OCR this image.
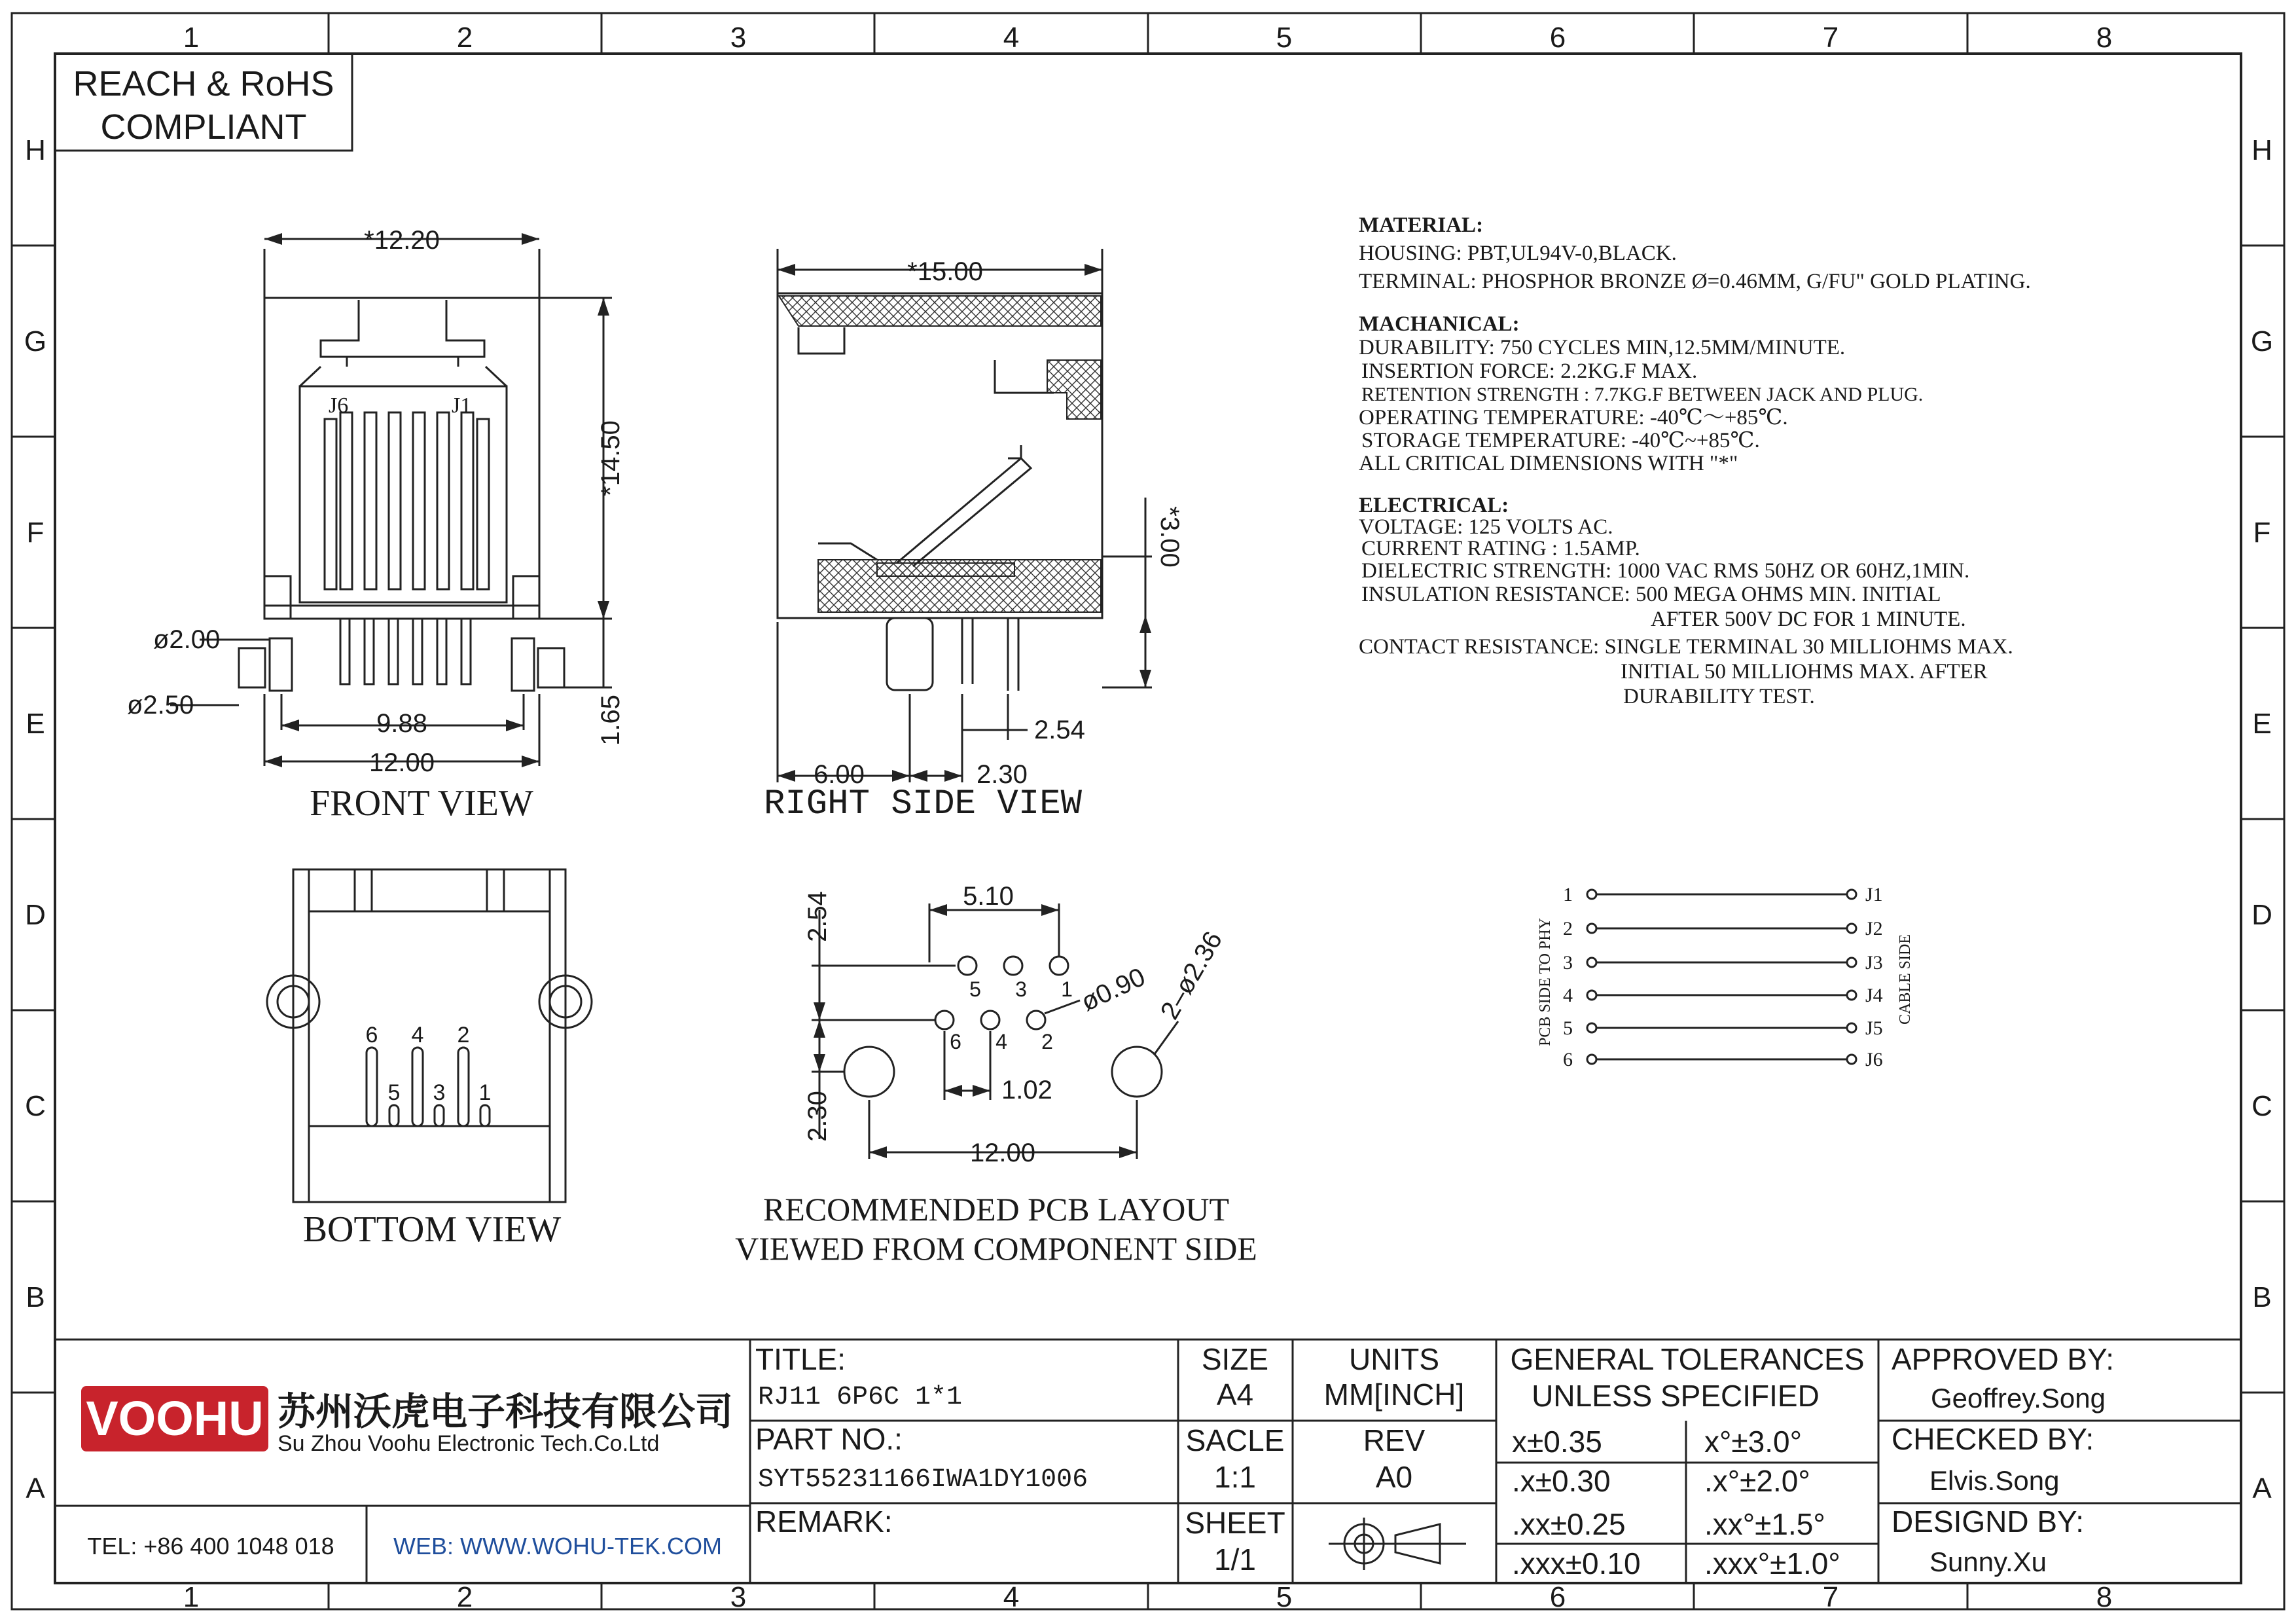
1	2	3	4	5	6	7	8
1	2	3	4	5	6	7	8
H
G
F
E
D
C
B
A
H
G
F
E
D
C
B
A
REACH & RoHS
COMPLIANT
*12.20
*14.50
1.65
ø2.00
ø2.50
9.88
12.00
J6	J1
FRONT VIEW
*15.00
*3.00
2.54
6.00	2.30
RIGHT SIDE VIEW
6 4 2
5 3 1
BOTTOM VIEW
2.54	5.10
ø0.90 2–ø2.36
1.02
2.30
12.00
5 3 1
6 4 2
RECOMMENDED PCB LAYOUT
VIEWED FROM COMPONENT SIDE
MATERIAL:
HOUSING: PBT,UL94V-0,BLACK.
TERMINAL: PHOSPHOR BRONZE Ø=0.46MM, G/FU" GOLD PLATING.
MACHANICAL:
DURABILITY: 750 CYCLES MIN,12.5MM/MINUTE.
INSERTION FORCE: 2.2KG.F MAX.
RETENTION STRENGTH : 7.7KG.F BETWEEN JACK AND PLUG.
OPERATING TEMPERATURE: -40℃～+85℃.
STORAGE TEMPERATURE: -40℃~+85℃.
ALL CRITICAL DIMENSIONS WITH "*"
ELECTRICAL:
VOLTAGE: 125 VOLTS AC.
CURRENT RATING : 1.5AMP.
DIELECTRIC STRENGTH: 1000 VAC RMS 50HZ OR 60HZ,1MIN.
INSULATION RESISTANCE: 500 MEGA OHMS MIN. INITIAL
AFTER 500V DC FOR 1 MINUTE.
CONTACT RESISTANCE: SINGLE TERMINAL 30 MILLIOHMS MAX.
INITIAL 50 MILLIOHMS MAX. AFTER
DURABILITY TEST.
1
2
3
4
5
6
J1
J2
J3
J4
J5
J6
PCB SIDE TO PHY	CABLE SIDE
VOOHU 苏州沃虎电子科技有限公司
Su Zhou Voohu Electronic Tech.Co.Ltd
TEL: +86 400 1048 018	WEB: WWW.WOHU-TEK.COM
TITLE:
RJ11 6P6C 1*1
PART NO.:
SYT55231166IWA1DY1006
REMARK:
SIZE
A4
SACLE
1:1
SHEET
1/1
UNITS
MM[INCH]
REV
A0
GENERAL TOLERANCES
UNLESS SPECIFIED
x±0.35	x°±3.0°
.x±0.30	.x°±2.0°
.xx±0.25	.xx°±1.5°
.xxx±0.10 .xxx°±1.0°
APPROVED BY:
Geoffrey.Song
CHECKED BY:
Elvis.Song
DESIGND BY:
Sunny.Xu
